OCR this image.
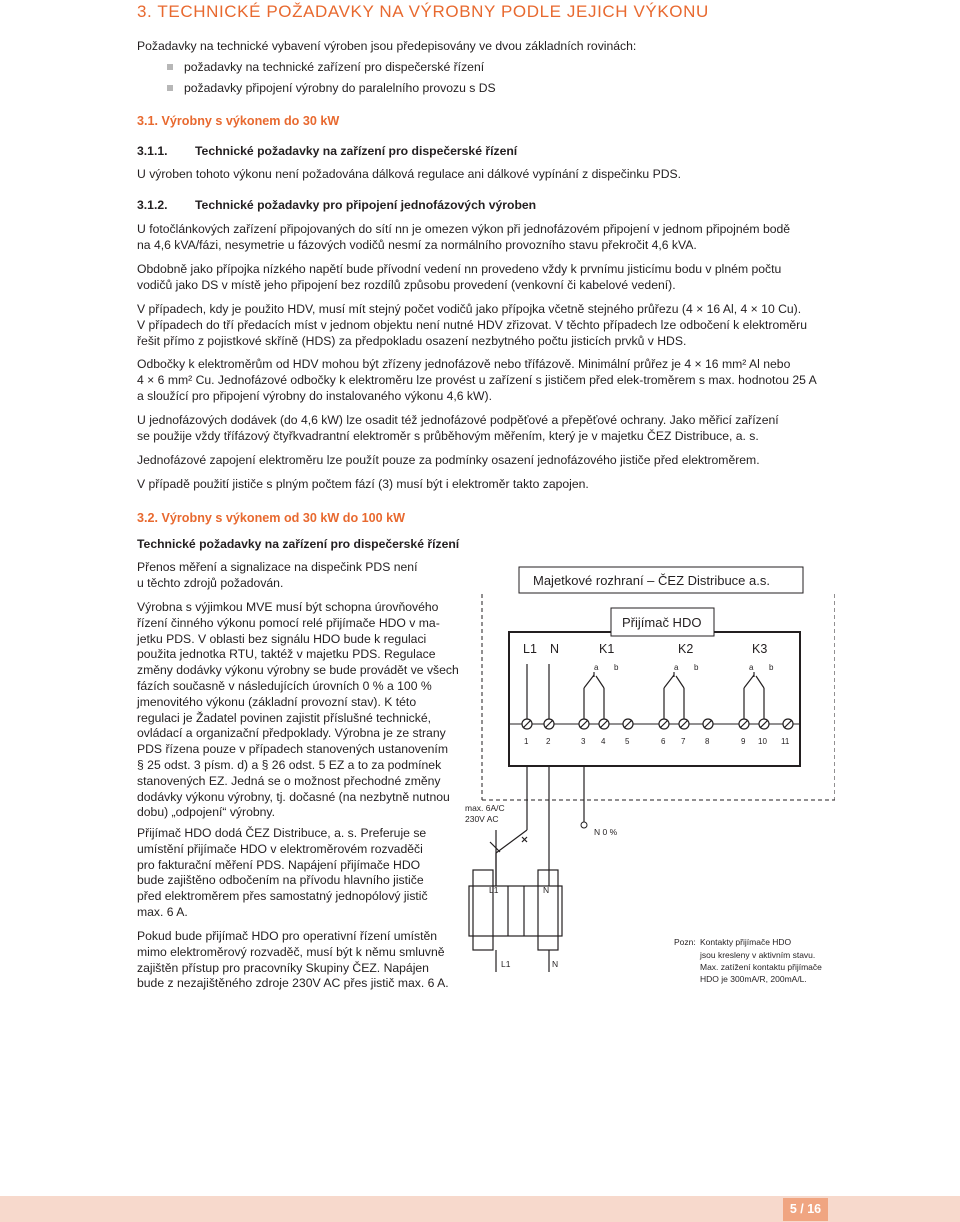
3. TECHNICKÉ POŽADAVKY NA VÝROBNY PODLE JEJICH VÝKONU
Požadavky na technické vybavení výroben jsou předepisovány ve dvou základních rovinách:
požadavky na technické zařízení pro dispečerské řízení
požadavky připojení výrobny do paralelního provozu s DS
3.1. Výrobny s výkonem do 30 kW
3.1.1. Technické požadavky na zařízení pro dispečerské řízení
U výroben tohoto výkonu není požadována dálková regulace ani dálkové vypínání z dispečinku PDS.
3.1.2. Technické požadavky pro připojení jednofázových výroben
U fotočlánkových zařízení připojovaných do sítí nn je omezen výkon při jednofázovém připojení v jednom připojném bodě
na 4,6 kVA/fázi, nesymetrie u fázových vodičů nesmí za normálního provozního stavu překročit 4,6 kVA.
Obdobně jako přípojka nízkého napětí bude přívodní vedení nn provedeno vždy k prvnímu jisticímu bodu v plném počtu
vodičů jako DS v místě jeho připojení bez rozdílů způsobu provedení (venkovní či kabelové vedení).
V případech, kdy je použito HDV, musí mít stejný počet vodičů jako přípojka včetně stejného průřezu (4 × 16 Al, 4 × 10 Cu).
V případech do tří předacích míst v jednom objektu není nutné HDV zřizovat. V těchto případech lze odbočení k elektroměru
řešit přímo z pojistkové skříně (HDS) za předpokladu osazení nezbytného počtu jisticích prvků v HDS.
Odbočky k elektroměrům od HDV mohou být zřízeny jednofázově nebo třífázově. Minimální průřez je 4 × 16 mm² Al nebo
4 × 6 mm² Cu. Jednofázové odbočky k elektroměru lze provést u zařízení s jističem před elek-troměrem s max. hodnotou 25 A
a sloužící pro připojení výrobny do instalovaného výkonu 4,6 kW).
U jednofázových dodávek (do 4,6 kW) lze osadit též jednofázové podpěťové a přepěťové ochrany. Jako měřicí zařízení
se použije vždy třífázový čtyřkvadrantní elektroměr s průběhovým měřením, který je v majetku ČEZ Distribuce, a. s.
Jednofázové zapojení elektroměru lze použít pouze za podmínky osazení jednofázového jističe před elektroměrem.
V případě použití jističe s plným počtem fází (3) musí být i elektroměr takto zapojen.
3.2. Výrobny s výkonem od 30 kW do 100 kW
Technické požadavky na zařízení pro dispečerské řízení
Přenos měření a signalizace na dispečink PDS není
u těchto zdrojů požadován.
Výrobna s výjimkou MVE musí být schopna úrovňového
řízení činného výkonu pomocí relé přijímače HDO v ma-
jetku PDS. V oblasti bez signálu HDO bude k regulaci
použita jednotka RTU, taktéž v majetku PDS. Regulace
změny dodávky výkonu výrobny se bude provádět ve všech
fázích současně v následujících úrovních 0 % a 100 %
jmenovitého výkonu (základní provozní stav). K této
regulaci je Žadatel povinen zajistit příslušné technické,
ovládací a organizační předpoklady. Výrobna je ze strany
PDS řízena pouze v případech stanovených ustanovením
§ 25 odst. 3 písm. d) a § 26 odst. 5 EZ a to za podmínek
stanovených EZ. Jedná se o možnost přechodné změny
dodávky výkonu výrobny, tj. dočasné (na nezbytně nutnou
dobu) „odpojení“ výrobny.
Přijímač HDO dodá ČEZ Distribuce, a. s. Preferuje se
umístění přijímače HDO v elektroměrovém rozvaděči
pro fakturační měření PDS. Napájení přijímače HDO
bude zajištěno odbočením na přívodu hlavního jističe
před elektroměrem přes samostatný jednopólový jistič
max. 6 A.
Pokud bude přijímač HDO pro operativní řízení umístěn
mimo elektroměrový rozvaděč, musí být k němu smluvně
zajištěn přístup pro pracovníky Skupiny ČEZ. Napájen
bude z nezajištěného zdroje 230V AC přes jistič max. 6 A.
Majetkové rozhraní – ČEZ Distribuce a.s.
Přijímač HDO
L1 N	K1	K2	K3
a b	a b	a b
1 2	3 4 5	6 7 8	9 10 11
max. 6A/C
230V AC
N 0 %
L1	N
L1	N
Pozn: Kontakty přijímače HDO
jsou kresleny v aktivním stavu.
Max. zatížení kontaktu přijímače
HDO je 300mA/R, 200mA/L.
5 / 16
